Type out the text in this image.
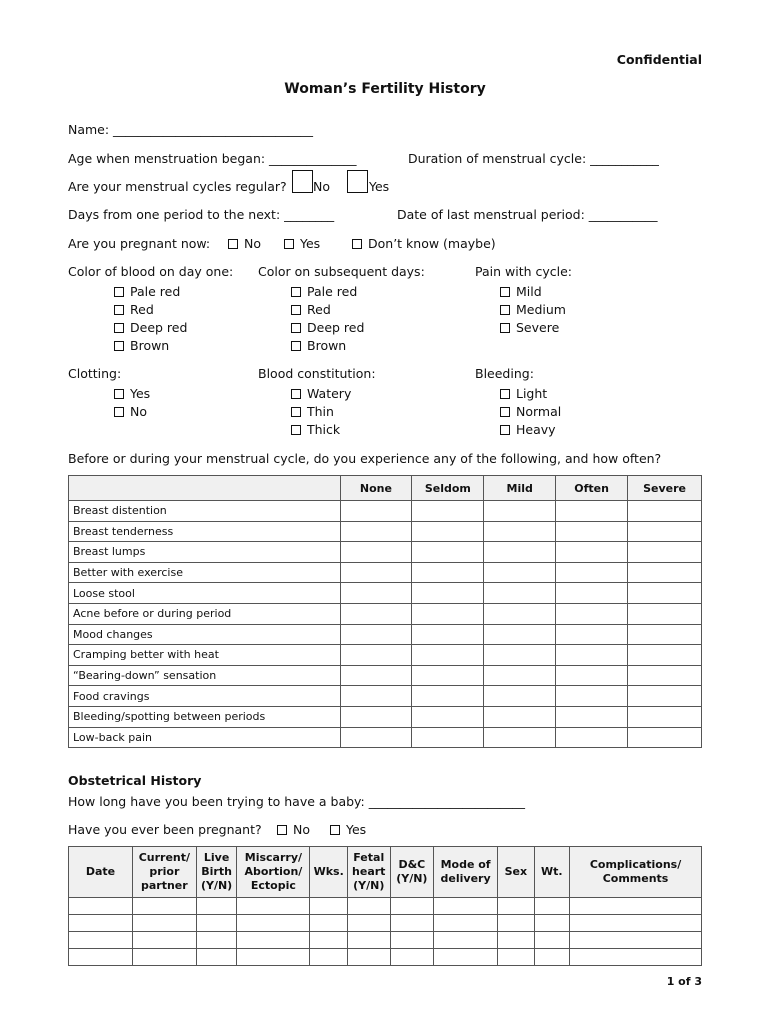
Confidential
Woman’s Fertility History
Name: ________________________________
Age when menstruation began: ______________	Duration of menstrual cycle: ___________
Are your menstrual cycles regular? No	Yes
Days from one period to the next: ________	Date of last menstrual period: ___________
Are you pregnant now:	No	Yes	Don’t know (maybe)
Color of blood on day one: Color on subsequent days:	Pain with cycle:
Pale red
Red
Deep red
Brown
Pale red
Red
Deep red
Brown
Mild
Medium
Severe
Clotting:	Blood constitution:	Bleeding:
Yes
No
Watery
Thin
Thick
Light
Normal
Heavy
Before or during your menstrual cycle, do you experience any of the following, and how often?
	None	Seldom	Mild	Often	Severe
Breast distention					
Breast tenderness					
Breast lumps					
Better with exercise					
Loose stool					
Acne before or during period					
Mood changes					
Cramping better with heat					
“Bearing-down” sensation					
Food cravings					
Bleeding/spotting between periods					
Low-back pain					
Obstetrical History
How long have you been trying to have a baby: _________________________
Have you ever been pregnant?	No	Yes
Date	Current/ prior partner	Live Birth (Y/N)	Miscarry/ Abortion/ Ectopic	Wks.	Fetal heart (Y/N)	D&C (Y/N)	Mode of delivery	Sex	Wt.	Complications/ Comments

1 of 3
